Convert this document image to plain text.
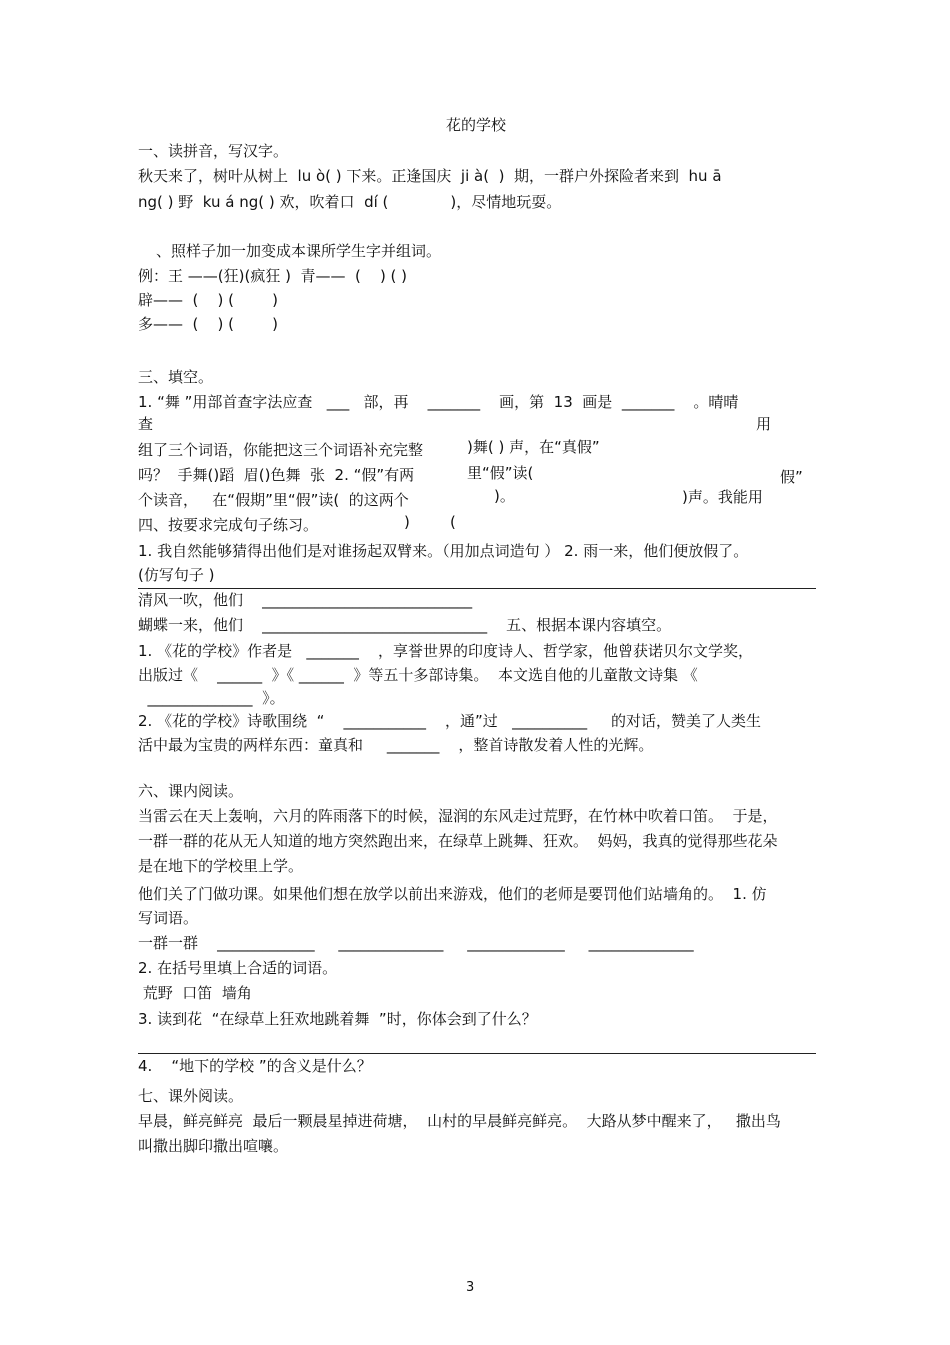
花的学校
一、读拼音，写汉字。
秋天来了，树叶从树上  lu ò( ) 下来。正逢国庆  ji à(  )  期，一群户外探险者来到  hu ā
ng( ) 野  ku á ng( ) 欢，吹着口  dí (             )，尽情地玩耍。
、照样子加一加变成本课所学生字并组词。
例：王 ——(狂)(疯狂 )  青——  (    ) ( )
辟——  (    ) (        )
多——  (    ) (        )
三、填空。
1. “舞 ”用部首查字法应查   ___   部，再    _______    画，第  13  画是  _______    。晴晴
查	用
组了三个词语，你能把这三个词语补充完整	)舞( ) 声，在“真假”
吗？  手舞()蹈  眉()色舞  张  2. “假”有两	里“假”读(	假”
个读音，   在“假期”里“假”读(  的这两个	)。	)声。我能用
四、按要求完成句子练习。	)	(
1. 我自然能够猜得出他们是对谁扬起双臂来。（用加点词造句 ） 2. 雨一来，他们便放假了。
(仿写句子 )
清风一吹，他们    ____________________________
蝴蝶一来，他们    ______________________________    五、根据本课内容填空。
1. 《花的学校》作者是   _______    ，享誉世界的印度诗人、哲学家，他曾获诺贝尔文学奖，
出版过《    ______  》《 ______  》等五十多部诗集。  本文选自他的儿童散文诗集 《
______________  》。
2. 《花的学校》诗歌围绕  “    ___________    ，通”过   __________     的对话，赞美了人类生
活中最为宝贵的两样东西：童真和     _______    ，整首诗散发着人性的光辉。
六、课内阅读。
当雷云在天上轰响，六月的阵雨落下的时候，湿润的东风走过荒野，在竹林中吹着口笛。  于是，
一群一群的花从无人知道的地方突然跑出来，在绿草上跳舞、狂欢。  妈妈，我真的觉得那些花朵
是在地下的学校里上学。
他们关了门做功课。如果他们想在放学以前出来游戏，他们的老师是要罚他们站墙角的。  1. 仿
写词语。
一群一群    _____________     ______________     _____________     ______________
2. 在括号里填上合适的词语。
荒野  口笛  墙角
3. 读到花  “在绿草上狂欢地跳着舞  ”时，你体会到了什么？
4.    “地下的学校 ”的含义是什么？
七、课外阅读。
早晨，鲜亮鲜亮  最后一颗晨星掉进荷塘，  山村的早晨鲜亮鲜亮。  大路从梦中醒来了，   撒出鸟
叫撒出脚印撒出喧嚷。
3
